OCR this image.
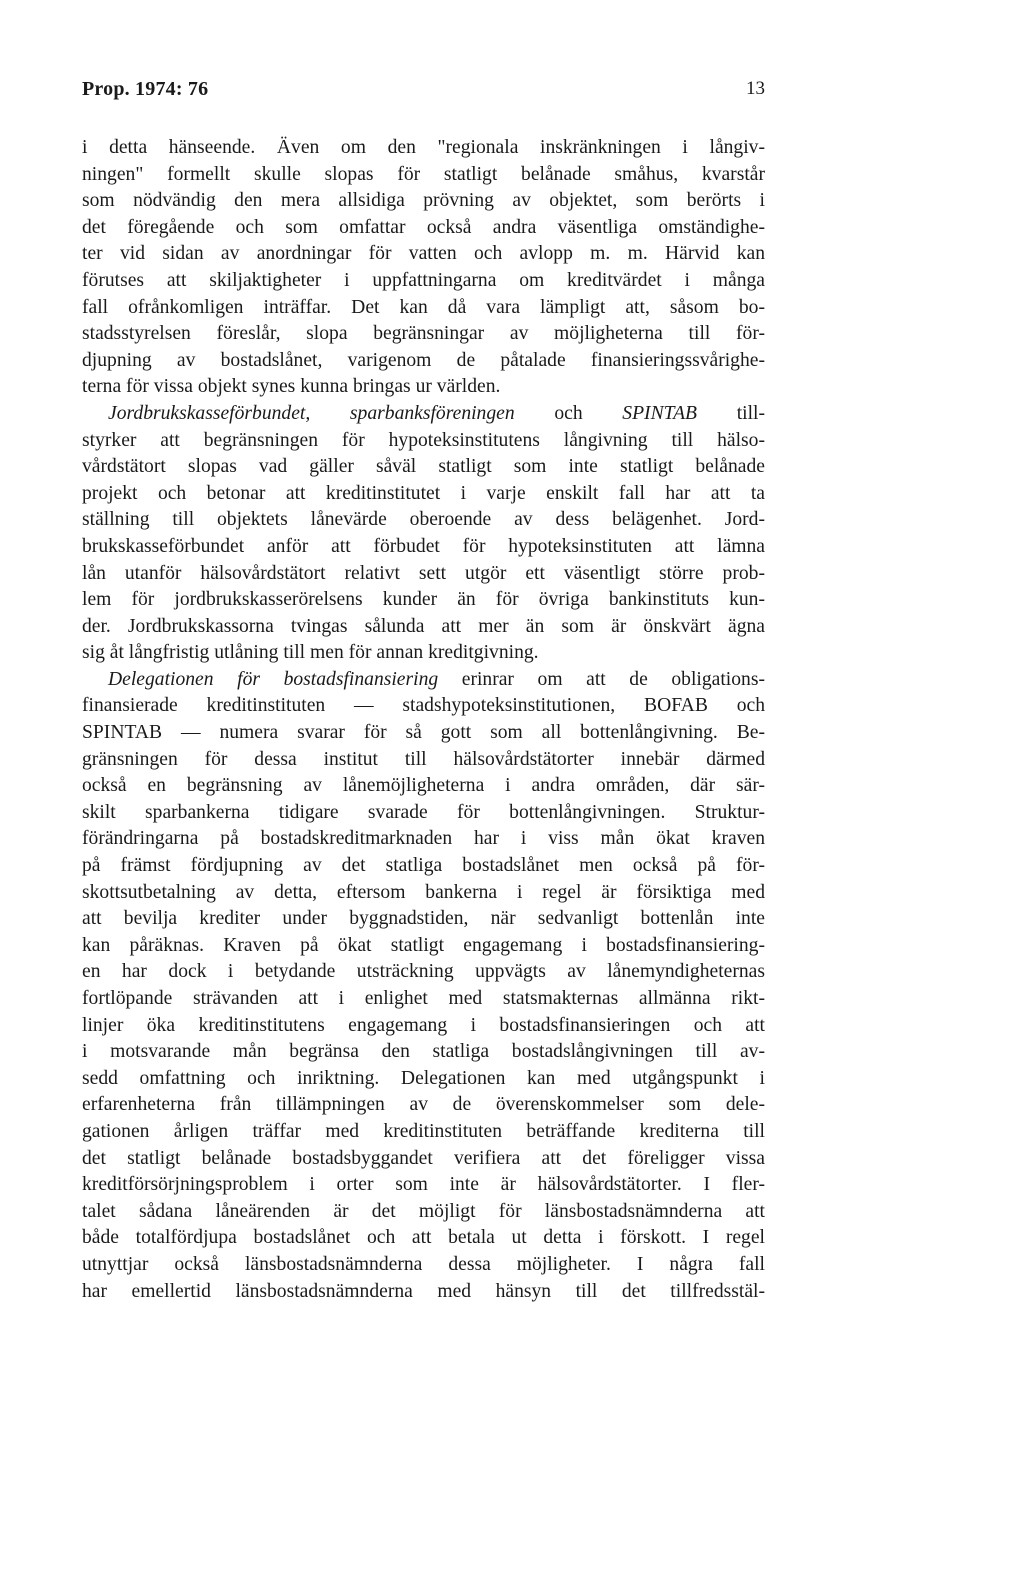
Prop. 1974: 76	13
i detta hänseende. Även om den "regionala inskränkningen i långiv-
ningen" formellt skulle slopas för statligt belånade småhus, kvarstår
som nödvändig den mera allsidiga prövning av objektet, som berörts i
det föregående och som omfattar också andra väsentliga omständighe-
ter vid sidan av anordningar för vatten och avlopp m. m. Härvid kan
förutses att skiljaktigheter i uppfattningarna om kreditvärdet i många
fall ofrånkomligen inträffar. Det kan då vara lämpligt att, såsom bo-
stadsstyrelsen föreslår, slopa begränsningar av möjligheterna till för-
djupning av bostadslånet, varigenom de påtalade finansieringssvårighe-
terna för vissa objekt synes kunna bringas ur världen.
Jordbrukskasseförbundet, sparbanksföreningen och SPINTAB till-
styrker att begränsningen för hypoteksinstitutens långivning till hälso-
vårdstätort slopas vad gäller såväl statligt som inte statligt belånade
projekt och betonar att kreditinstitutet i varje enskilt fall har att ta
ställning till objektets lånevärde oberoende av dess belägenhet. Jord-
brukskasseförbundet anför att förbudet för hypoteksinstituten att lämna
lån utanför hälsovårdstätort relativt sett utgör ett väsentligt större prob-
lem för jordbrukskasserörelsens kunder än för övriga bankinstituts kun-
der. Jordbrukskassorna tvingas sålunda att mer än som är önskvärt ägna
sig åt långfristig utlåning till men för annan kreditgivning.
Delegationen för bostadsfinansiering erinrar om att de obligations-
finansierade kreditinstituten — stadshypoteksinstitutionen, BOFAB och
SPINTAB — numera svarar för så gott som all bottenlångivning. Be-
gränsningen för dessa institut till hälsovårdstätorter innebär därmed
också en begränsning av lånemöjligheterna i andra områden, där sär-
skilt sparbankerna tidigare svarade för bottenlångivningen. Struktur-
förändringarna på bostadskreditmarknaden har i viss mån ökat kraven
på främst fördjupning av det statliga bostadslånet men också på för-
skottsutbetalning av detta, eftersom bankerna i regel är försiktiga med
att bevilja krediter under byggnadstiden, när sedvanligt bottenlån inte
kan påräknas. Kraven på ökat statligt engagemang i bostadsfinansiering-
en har dock i betydande utsträckning uppvägts av lånemyndigheternas
fortlöpande strävanden att i enlighet med statsmakternas allmänna rikt-
linjer öka kreditinstitutens engagemang i bostadsfinansieringen och att
i motsvarande mån begränsa den statliga bostadslångivningen till av-
sedd omfattning och inriktning. Delegationen kan med utgångspunkt i
erfarenheterna från tillämpningen av de överenskommelser som dele-
gationen årligen träffar med kreditinstituten beträffande krediterna till
det statligt belånade bostadsbyggandet verifiera att det föreligger vissa
kreditförsörjningsproblem i orter som inte är hälsovårdstätorter. I fler-
talet sådana låneärenden är det möjligt för länsbostadsnämnderna att
både totalfördjupa bostadslånet och att betala ut detta i förskott. I regel
utnyttjar också länsbostadsnämnderna dessa möjligheter. I några fall
har emellertid länsbostadsnämnderna med hänsyn till det tillfredsstäl-
